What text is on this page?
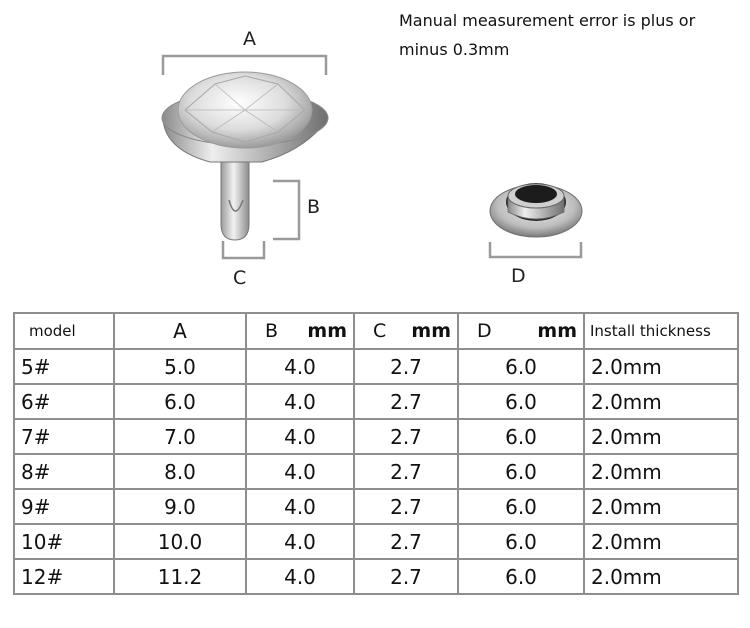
Manual measurement error is plus or minus 0.3mm
A
B
C	D
model	A	B mm	C mm	D mm	Install thickness
5#	5.0	4.0	2.7	6.0	2.0mm
6#	6.0	4.0	2.7	6.0	2.0mm
7#	7.0	4.0	2.7	6.0	2.0mm
8#	8.0	4.0	2.7	6.0	2.0mm
9#	9.0	4.0	2.7	6.0	2.0mm
10#	10.0	4.0	2.7	6.0	2.0mm
12#	11.2	4.0	2.7	6.0	2.0mm
